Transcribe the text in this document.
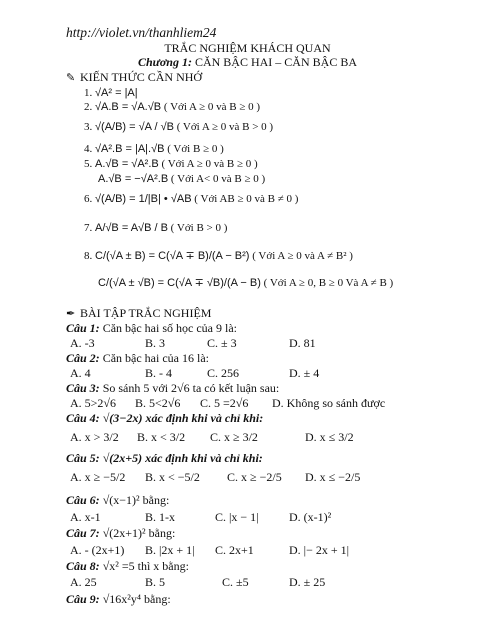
http://violet.vn/thanhliem24
TRẮC NGHIỆM KHÁCH QUAN
Chương 1: CĂN BẬC HAI – CĂN BẬC BA
✎ KIẾN THỨC CẦN NHỚ
1. √A² = |A|
2. √A.B = √A.√B ( Với A ≥ 0 và B ≥ 0 )
3. √(A/B) = √A / √B ( Với A ≥ 0 và B > 0 )
4. √A².B = |A|.√B ( Với B ≥ 0 )
5. A.√B = √A².B ( Với A ≥ 0 và B ≥ 0 )
A.√B = −√A².B ( Với A< 0 và B ≥ 0 )
6. √(A/B) = 1/|B| • √AB ( Với AB ≥ 0 và B ≠ 0 )
7. A/√B = A√B / B ( Với B > 0 )
8. C/(√A ± B) = C(√A ∓ B)/(A − B²) ( Với A ≥ 0 và A ≠ B² )
C/(√A ± √B) = C(√A ∓ √B)/(A − B) ( Với A ≥ 0, B ≥ 0 Và A ≠ B )
✒ BÀI TẬP TRẮC NGHIỆM
Câu 1: Căn bậc hai số học của 9 là:
A. -3	B. 3	C. ± 3	D. 81
Câu 2: Căn bậc hai của 16 là:
A. 4	B. - 4	C. 256	D. ± 4
Câu 3: So sánh 5 với 2√6 ta có kết luận sau:
A. 5>2√6 B. 5<2√6 C. 5 =2√6 D. Không so sánh được
Câu 4: √(3−2x) xác định khi và chỉ khi:
A. x > 3/2 B. x < 3/2 C. x ≥ 3/2	D. x ≤ 3/2
Câu 5: √(2x+5) xác định khi và chỉ khi:
A. x ≥ −5/2 B. x < −5/2 C. x ≥ −2/5 D. x ≤ −2/5
Câu 6: √(x−1)² bằng:
A. x-1	B. 1-x	C. |x − 1|	D. (x-1)²
Câu 7: √(2x+1)² bằng:
A. - (2x+1) B. |2x + 1| C. 2x+1	D. |− 2x + 1|
Câu 8: √x² =5 thì x bằng:
A. 25	B. 5	C. ±5	D. ± 25
Câu 9: √16x²y⁴ bằng:
